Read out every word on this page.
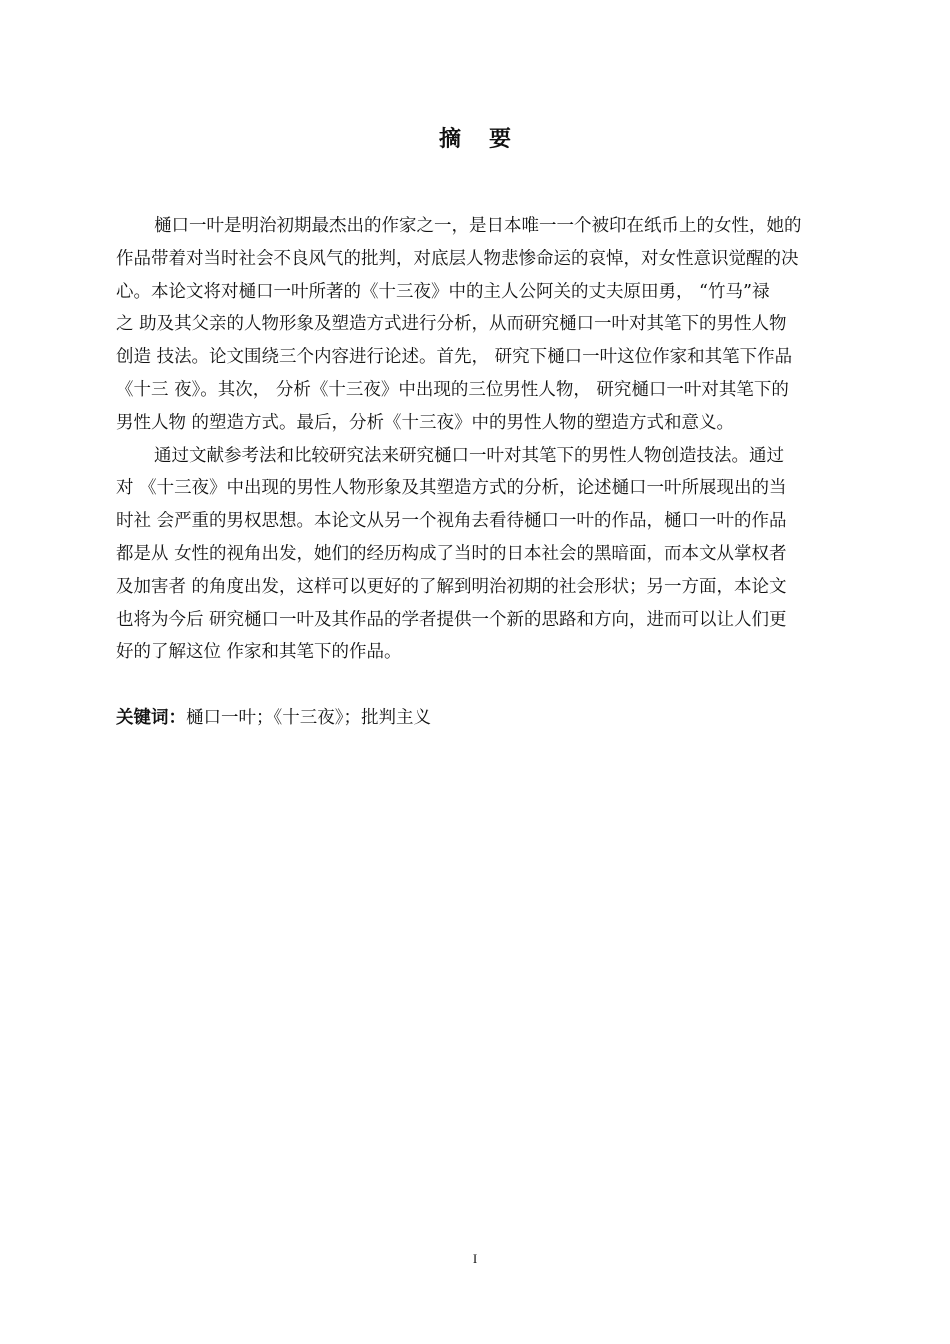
摘 要
樋口一叶是明治初期最杰出的作家之一，是日本唯一一个被印在纸币上的女性，她的
作品带着对当时社会不良风气的批判，对底层人物悲惨命运的哀悼，对女性意识觉醒的决
心。本论文将对樋口一叶所著的《十三夜》中的主人公阿关的丈夫原田勇， “竹马”禄
之 助及其父亲的人物形象及塑造方式进行分析，从而研究樋口一叶对其笔下的男性人物
创造 技法。论文围绕三个内容进行论述。首先， 研究下樋口一叶这位作家和其笔下作品
《十三 夜》。其次， 分析《十三夜》中出现的三位男性人物， 研究樋口一叶对其笔下的
男性人物 的塑造方式。最后，分析《十三夜》中的男性人物的塑造方式和意义。
通过文献参考法和比较研究法来研究樋口一叶对其笔下的男性人物创造技法。通过
对 《十三夜》中出现的男性人物形象及其塑造方式的分析，论述樋口一叶所展现出的当
时社 会严重的男权思想。本论文从另一个视角去看待樋口一叶的作品，樋口一叶的作品
都是从 女性的视角出发，她们的经历构成了当时的日本社会的黑暗面，而本文从掌权者
及加害者 的角度出发，这样可以更好的了解到明治初期的社会形状；另一方面，本论文
也将为今后 研究樋口一叶及其作品的学者提供一个新的思路和方向，进而可以让人们更
好的了解这位 作家和其笔下的作品。
关键词：樋口一叶；《十三夜》；批判主义
I
